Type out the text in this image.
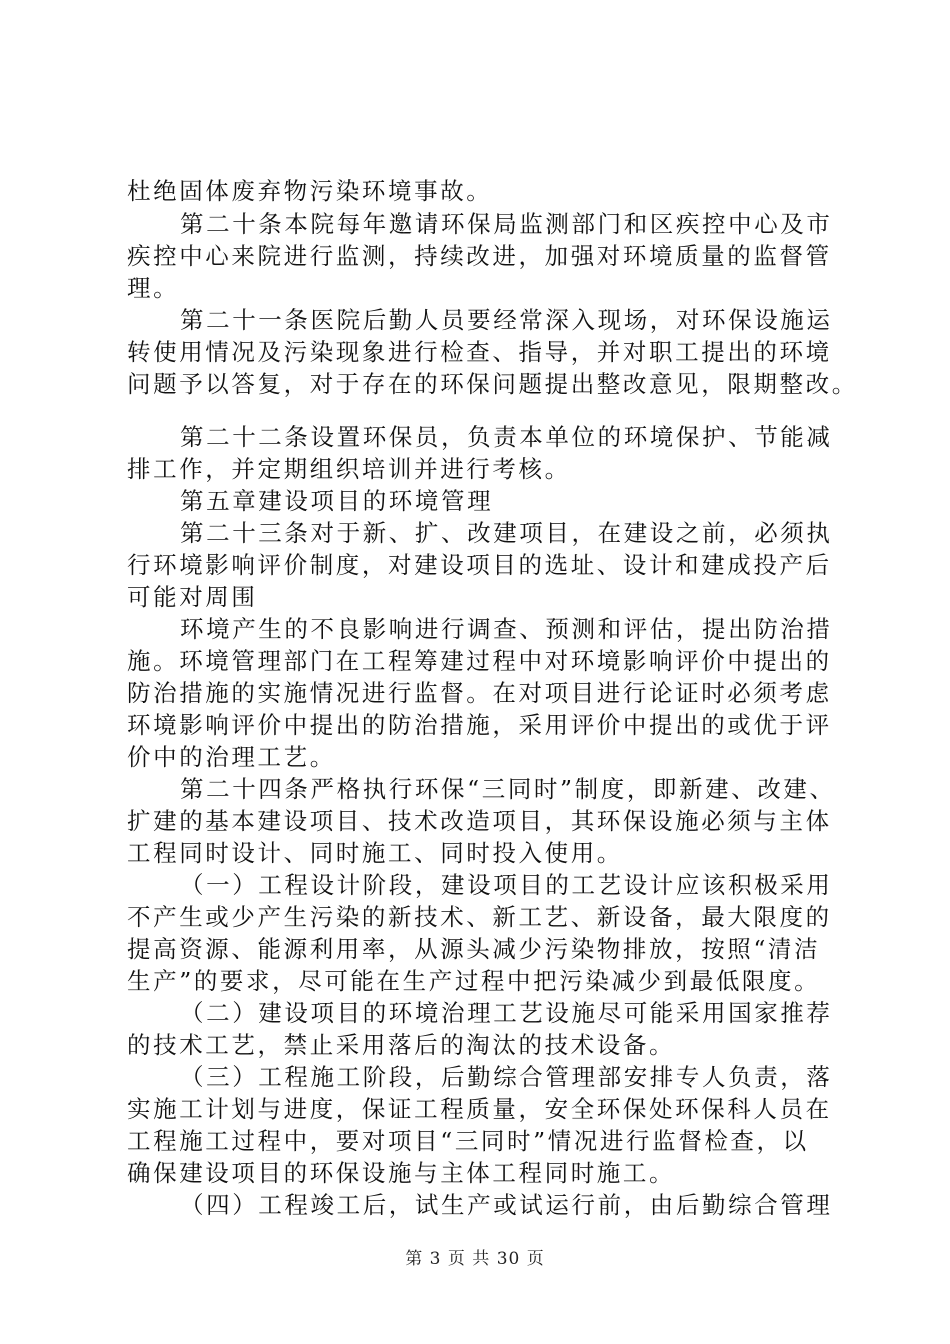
杜绝固体废弃物污染环境事故。
第二十条本院每年邀请环保局监测部门和区疾控中心及市
疾控中心来院进行监测，持续改进，加强对环境质量的监督管
理。
第二十一条医院后勤人员要经常深入现场，对环保设施运
转使用情况及污染现象进行检查、指导，并对职工提出的环境
问题予以答复，对于存在的环保问题提出整改意见，限期整改。
第二十二条设置环保员，负责本单位的环境保护、节能减
排工作，并定期组织培训并进行考核。
第五章建设项目的环境管理
第二十三条对于新、扩、改建项目，在建设之前，必须执
行环境影响评价制度，对建设项目的选址、设计和建成投产后
可能对周围
环境产生的不良影响进行调查、预测和评估，提出防治措
施。环境管理部门在工程筹建过程中对环境影响评价中提出的
防治措施的实施情况进行监督。在对项目进行论证时必须考虑
环境影响评价中提出的防治措施，采用评价中提出的或优于评
价中的治理工艺。
第二十四条严格执行环保“三同时”制度，即新建、改建、
扩建的基本建设项目、技术改造项目，其环保设施必须与主体
工程同时设计、同时施工、同时投入使用。
（一）工程设计阶段，建设项目的工艺设计应该积极采用
不产生或少产生污染的新技术、新工艺、新设备，最大限度的
提高资源、能源利用率，从源头减少污染物排放，按照“清洁
生产”的要求，尽可能在生产过程中把污染减少到最低限度。
（二）建设项目的环境治理工艺设施尽可能采用国家推荐
的技术工艺，禁止采用落后的淘汰的技术设备。
（三）工程施工阶段，后勤综合管理部安排专人负责，落
实施工计划与进度，保证工程质量，安全环保处环保科人员在
工程施工过程中，要对项目“三同时”情况进行监督检查，以
确保建设项目的环保设施与主体工程同时施工。
（四）工程竣工后，试生产或试运行前，由后勤综合管理
第 3 页 共 30 页
